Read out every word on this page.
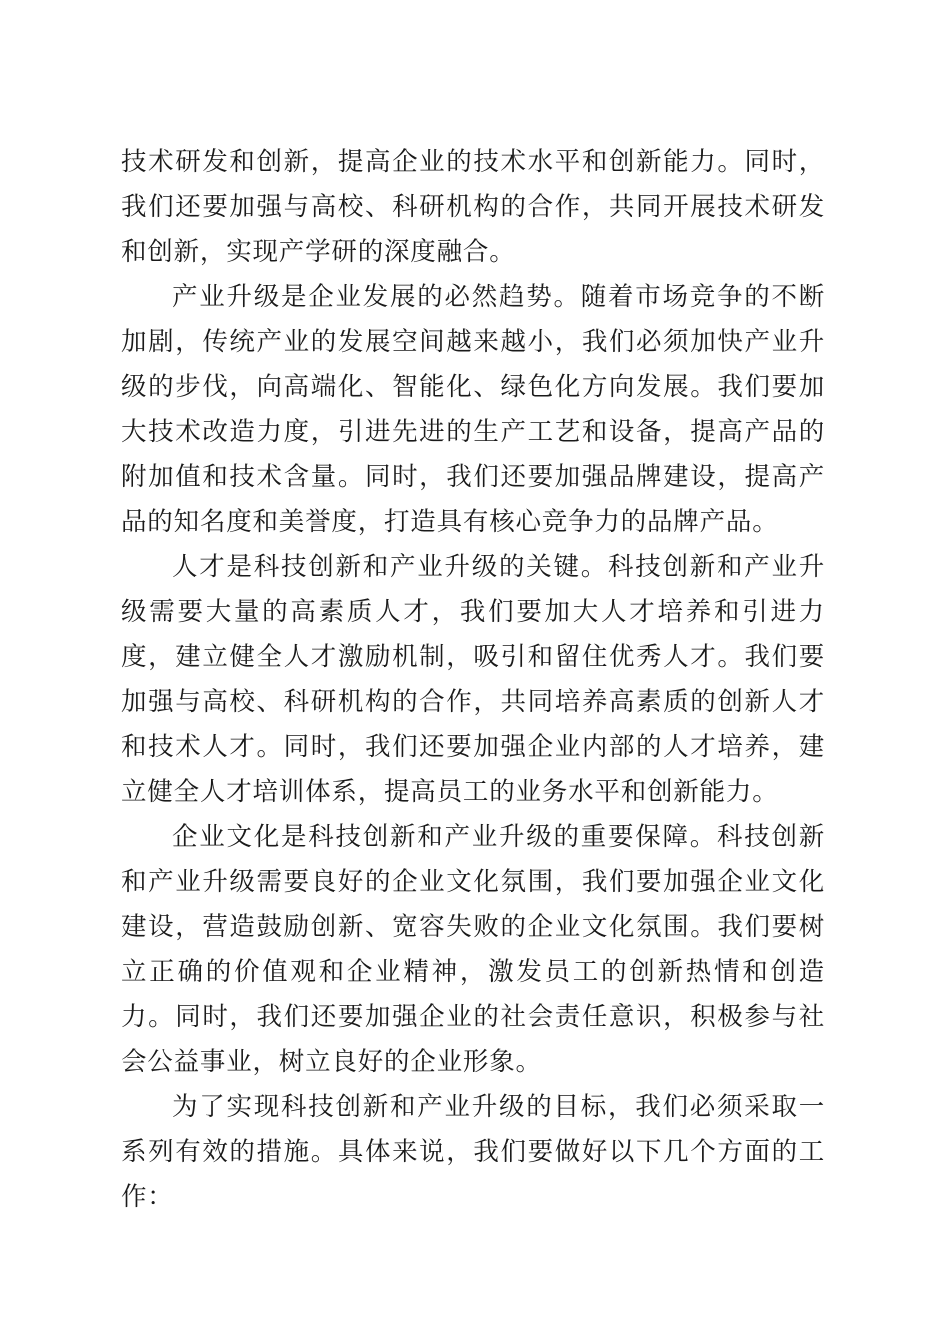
技术研发和创新，提高企业的技术水平和创新能力。同时，我们还要加强与高校、科研机构的合作，共同开展技术研发和创新，实现产学研的深度融合。

产业升级是企业发展的必然趋势。随着市场竞争的不断加剧，传统产业的发展空间越来越小，我们必须加快产业升级的步伐，向高端化、智能化、绿色化方向发展。我们要加大技术改造力度，引进先进的生产工艺和设备，提高产品的附加值和技术含量。同时，我们还要加强品牌建设，提高产品的知名度和美誉度，打造具有核心竞争力的品牌产品。

人才是科技创新和产业升级的关键。科技创新和产业升级需要大量的高素质人才，我们要加大人才培养和引进力度，建立健全人才激励机制，吸引和留住优秀人才。我们要加强与高校、科研机构的合作，共同培养高素质的创新人才和技术人才。同时，我们还要加强企业内部的人才培养，建立健全人才培训体系，提高员工的业务水平和创新能力。

企业文化是科技创新和产业升级的重要保障。科技创新和产业升级需要良好的企业文化氛围，我们要加强企业文化建设，营造鼓励创新、宽容失败的企业文化氛围。我们要树立正确的价值观和企业精神，激发员工的创新热情和创造力。同时，我们还要加强企业的社会责任意识，积极参与社会公益事业，树立良好的企业形象。

为了实现科技创新和产业升级的目标，我们必须采取一系列有效的措施。具体来说，我们要做好以下几个方面的工作：
